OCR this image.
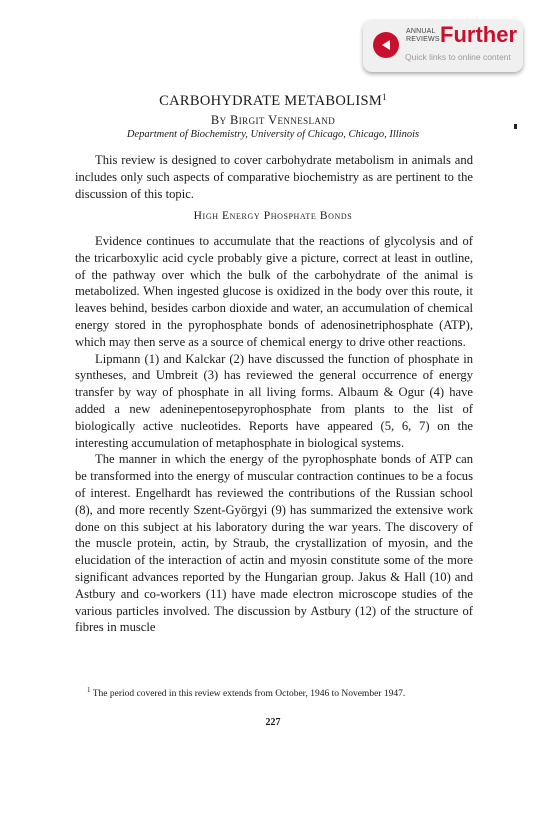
ANNUAL
REVIEWS Further
Quick links to online content
CARBOHYDRATE METABOLISM$^1$
By Birgit Vennesland
Department of Biochemistry, University of Chicago, Chicago, Illinois

This review is designed to cover carbohydrate metabolism in animals and includes only such aspects of comparative biochemistry as are pertinent to the discussion of this topic.

High Energy Phosphate Bonds

Evidence continues to accumulate that the reactions of glycolysis and of the tricarboxylic acid cycle probably give a picture, correct at least in outline, of the pathway over which the bulk of the carbohydrate of the animal is metabolized. When ingested glucose is oxidized in the body over this route, it leaves behind, besides carbon dioxide and water, an accumulation of chemical energy stored in the pyrophosphate bonds of adenosinetriphosphate (ATP), which may then serve as a source of chemical energy to drive other reactions.

Lipmann (1) and Kalckar (2) have discussed the function of phosphate in syntheses, and Umbreit (3) has reviewed the general occurrence of energy transfer by way of phosphate in all living forms. Albaum & Ogur (4) have added a new adeninepentosepyrophosphate from plants to the list of biologically active nucleotides. Reports have appeared (5, 6, 7) on the interesting accumulation of metaphosphate in biological systems.

The manner in which the energy of the pyrophosphate bonds of ATP can be transformed into the energy of muscular contraction continues to be a focus of interest. Engelhardt has reviewed the contributions of the Russian school (8), and more recently Szent-Györgyi (9) has summarized the extensive work done on this subject at his laboratory during the war years. The discovery of the muscle protein, actin, by Straub, the crystallization of myosin, and the elucidation of the interaction of actin and myosin constitute some of the more significant advances reported by the Hungarian group. Jakus & Hall (10) and Astbury and co-workers (11) have made electron microscope studies of the various particles involved. The discussion by Astbury (12) of the structure of fibres in muscle

$^1$ The period covered in this review extends from October, 1946 to November 1947.

227
